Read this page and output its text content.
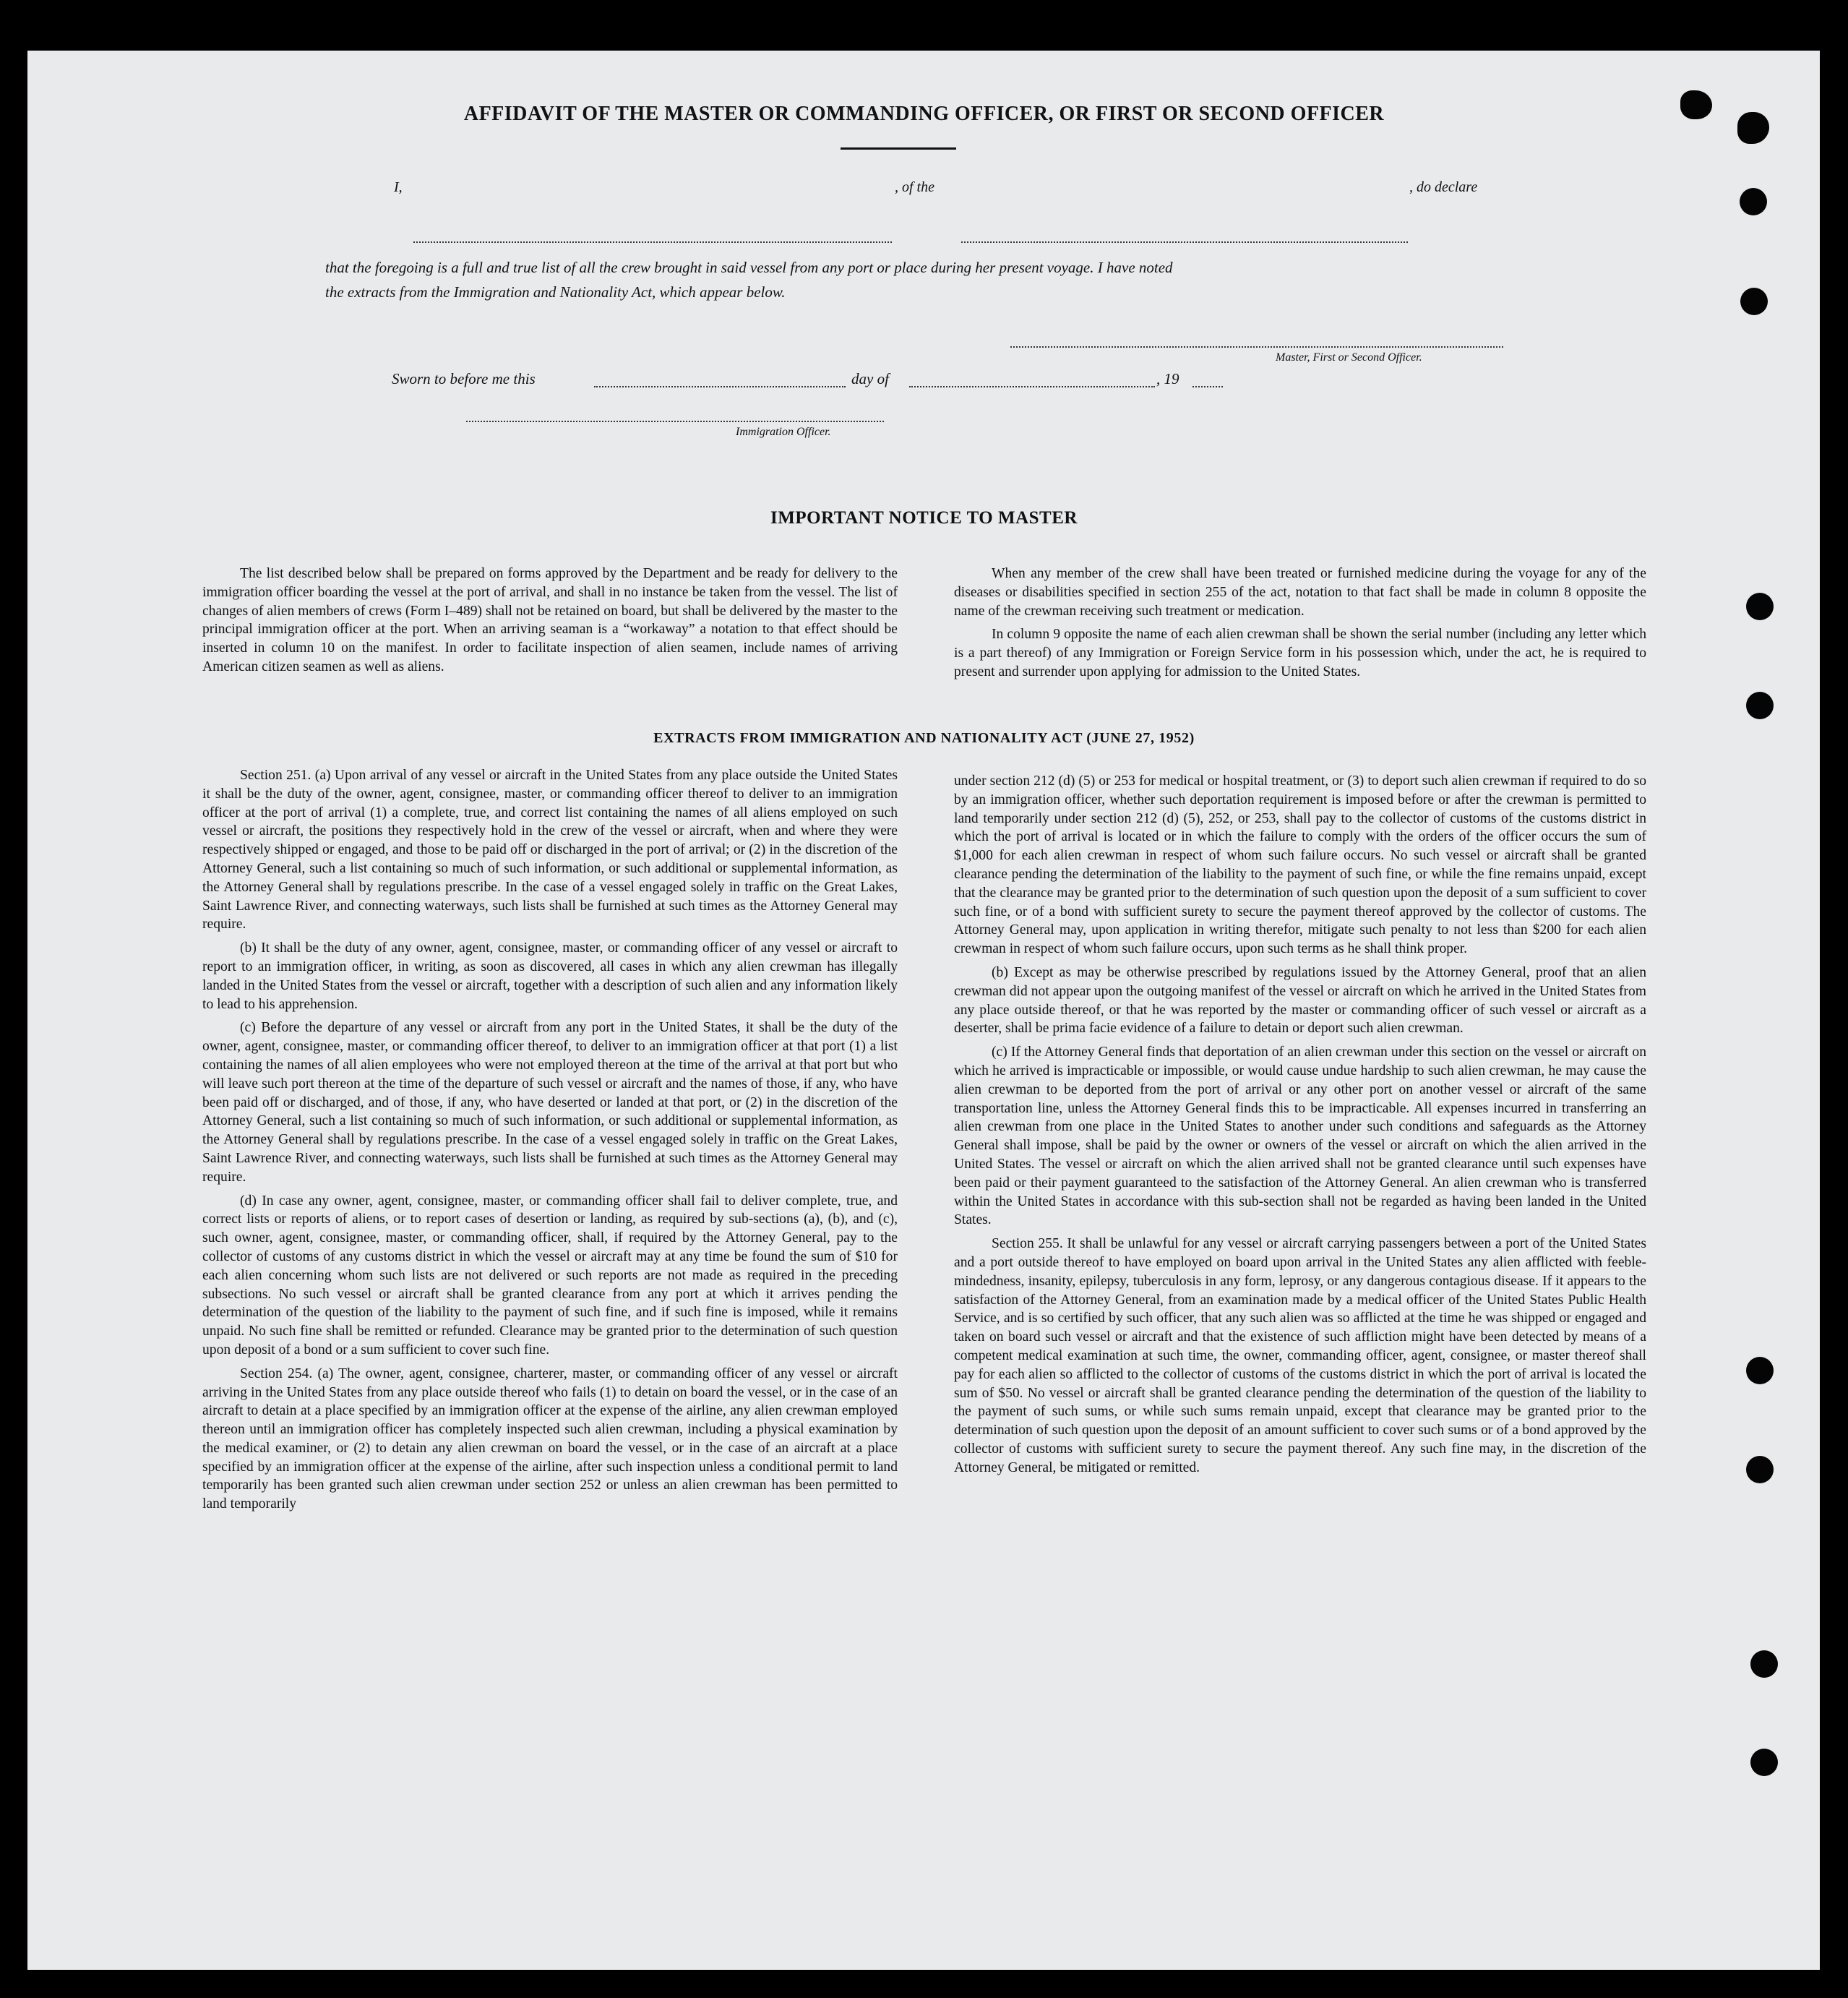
AFFIDAVIT OF THE MASTER OR COMMANDING OFFICER, OR FIRST OR SECOND OFFICER
I,	, of the	, do declare
that the foregoing is a full and true list of all the crew brought in said vessel from any port or place during her present voyage. I have noted
the extracts from the Immigration and Nationality Act, which appear below.
Master, First or Second Officer.
Sworn to before me this	day of	, 19
Immigration Officer.
IMPORTANT NOTICE TO MASTER

The list described below shall be prepared on forms approved by the Department and be ready for delivery to the immigration officer boarding the vessel at the port of arrival, and shall in no instance be taken from the vessel. The list of changes of alien members of crews (Form I–489) shall not be retained on board, but shall be delivered by the master to the principal immigration officer at the port. When an arriving seaman is a “workaway” a notation to that effect should be inserted in column 10 on the manifest. In order to facilitate inspection of alien seamen, include names of arriving American citizen seamen as well as aliens.

When any member of the crew shall have been treated or furnished medicine during the voyage for any of the diseases or disabilities specified in section 255 of the act, notation to that fact shall be made in column 8 opposite the name of the crewman receiving such treatment or medication.

In column 9 opposite the name of each alien crewman shall be shown the serial number (including any letter which is a part thereof) of any Immigration or Foreign Service form in his possession which, under the act, he is required to present and surrender upon applying for admission to the United States.

EXTRACTS FROM IMMIGRATION AND NATIONALITY ACT (JUNE 27, 1952)

Section 251. (a) Upon arrival of any vessel or aircraft in the United States from any place outside the United States it shall be the duty of the owner, agent, consignee, master, or commanding officer thereof to deliver to an immigration officer at the port of arrival (1) a complete, true, and correct list containing the names of all aliens employed on such vessel or aircraft, the positions they respectively hold in the crew of the vessel or aircraft, when and where they were respectively shipped or engaged, and those to be paid off or discharged in the port of arrival; or (2) in the discretion of the Attorney General, such a list containing so much of such information, or such additional or supplemental information, as the Attorney General shall by regulations prescribe. In the case of a vessel engaged solely in traffic on the Great Lakes, Saint Lawrence River, and connecting waterways, such lists shall be furnished at such times as the Attorney General may require.

(b) It shall be the duty of any owner, agent, consignee, master, or commanding officer of any vessel or aircraft to report to an immigration officer, in writing, as soon as discovered, all cases in which any alien crewman has illegally landed in the United States from the vessel or aircraft, together with a description of such alien and any information likely to lead to his apprehension.

(c) Before the departure of any vessel or aircraft from any port in the United States, it shall be the duty of the owner, agent, consignee, master, or commanding officer thereof, to deliver to an immigration officer at that port (1) a list containing the names of all alien employees who were not employed thereon at the time of the arrival at that port but who will leave such port thereon at the time of the departure of such vessel or aircraft and the names of those, if any, who have been paid off or discharged, and of those, if any, who have deserted or landed at that port, or (2) in the discretion of the Attorney General, such a list containing so much of such information, or such additional or supplemental information, as the Attorney General shall by regulations prescribe. In the case of a vessel engaged solely in traffic on the Great Lakes, Saint Lawrence River, and connecting waterways, such lists shall be furnished at such times as the Attorney General may require.

(d) In case any owner, agent, consignee, master, or commanding officer shall fail to deliver complete, true, and correct lists or reports of aliens, or to report cases of desertion or landing, as required by sub-sections (a), (b), and (c), such owner, agent, consignee, master, or commanding officer, shall, if required by the Attorney General, pay to the collector of customs of any customs district in which the vessel or aircraft may at any time be found the sum of $10 for each alien concerning whom such lists are not delivered or such reports are not made as required in the preceding subsections. No such vessel or aircraft shall be granted clearance from any port at which it arrives pending the determination of the question of the liability to the payment of such fine, and if such fine is imposed, while it remains unpaid. No such fine shall be remitted or refunded. Clearance may be granted prior to the determination of such question upon deposit of a bond or a sum sufficient to cover such fine.

Section 254. (a) The owner, agent, consignee, charterer, master, or commanding officer of any vessel or aircraft arriving in the United States from any place outside thereof who fails (1) to detain on board the vessel, or in the case of an aircraft to detain at a place specified by an immigration officer at the expense of the airline, any alien crewman employed thereon until an immigration officer has completely inspected such alien crewman, including a physical examination by the medical examiner, or (2) to detain any alien crewman on board the vessel, or in the case of an aircraft at a place specified by an immigration officer at the expense of the airline, after such inspection unless a conditional permit to land temporarily has been granted such alien crewman under section 252 or unless an alien crewman has been permitted to land temporarily

under section 212 (d) (5) or 253 for medical or hospital treatment, or (3) to deport such alien crewman if required to do so by an immigration officer, whether such deportation requirement is imposed before or after the crewman is permitted to land temporarily under section 212 (d) (5), 252, or 253, shall pay to the collector of customs of the customs district in which the port of arrival is located or in which the failure to comply with the orders of the officer occurs the sum of $1,000 for each alien crewman in respect of whom such failure occurs. No such vessel or aircraft shall be granted clearance pending the determination of the liability to the payment of such fine, or while the fine remains unpaid, except that the clearance may be granted prior to the determination of such question upon the deposit of a sum sufficient to cover such fine, or of a bond with sufficient surety to secure the payment thereof approved by the collector of customs. The Attorney General may, upon application in writing therefor, mitigate such penalty to not less than $200 for each alien crewman in respect of whom such failure occurs, upon such terms as he shall think proper.

(b) Except as may be otherwise prescribed by regulations issued by the Attorney General, proof that an alien crewman did not appear upon the outgoing manifest of the vessel or aircraft on which he arrived in the United States from any place outside thereof, or that he was reported by the master or commanding officer of such vessel or aircraft as a deserter, shall be prima facie evidence of a failure to detain or deport such alien crewman.

(c) If the Attorney General finds that deportation of an alien crewman under this section on the vessel or aircraft on which he arrived is impracticable or impossible, or would cause undue hardship to such alien crewman, he may cause the alien crewman to be deported from the port of arrival or any other port on another vessel or aircraft of the same transportation line, unless the Attorney General finds this to be impracticable. All expenses incurred in transferring an alien crewman from one place in the United States to another under such conditions and safeguards as the Attorney General shall impose, shall be paid by the owner or owners of the vessel or aircraft on which the alien arrived in the United States. The vessel or aircraft on which the alien arrived shall not be granted clearance until such expenses have been paid or their payment guaranteed to the satisfaction of the Attorney General. An alien crewman who is transferred within the United States in accordance with this sub-section shall not be regarded as having been landed in the United States.

Section 255. It shall be unlawful for any vessel or aircraft carrying passengers between a port of the United States and a port outside thereof to have employed on board upon arrival in the United States any alien afflicted with feeble-mindedness, insanity, epilepsy, tuberculosis in any form, leprosy, or any dangerous contagious disease. If it appears to the satisfaction of the Attorney General, from an examination made by a medical officer of the United States Public Health Service, and is so certified by such officer, that any such alien was so afflicted at the time he was shipped or engaged and taken on board such vessel or aircraft and that the existence of such affliction might have been detected by means of a competent medical examination at such time, the owner, commanding officer, agent, consignee, or master thereof shall pay for each alien so afflicted to the collector of customs of the customs district in which the port of arrival is located the sum of $50. No vessel or aircraft shall be granted clearance pending the determination of the question of the liability to the payment of such sums, or while such sums remain unpaid, except that clearance may be granted prior to the determination of such question upon the deposit of an amount sufficient to cover such sums or of a bond approved by the collector of customs with sufficient surety to secure the payment thereof. Any such fine may, in the discretion of the Attorney General, be mitigated or remitted.
